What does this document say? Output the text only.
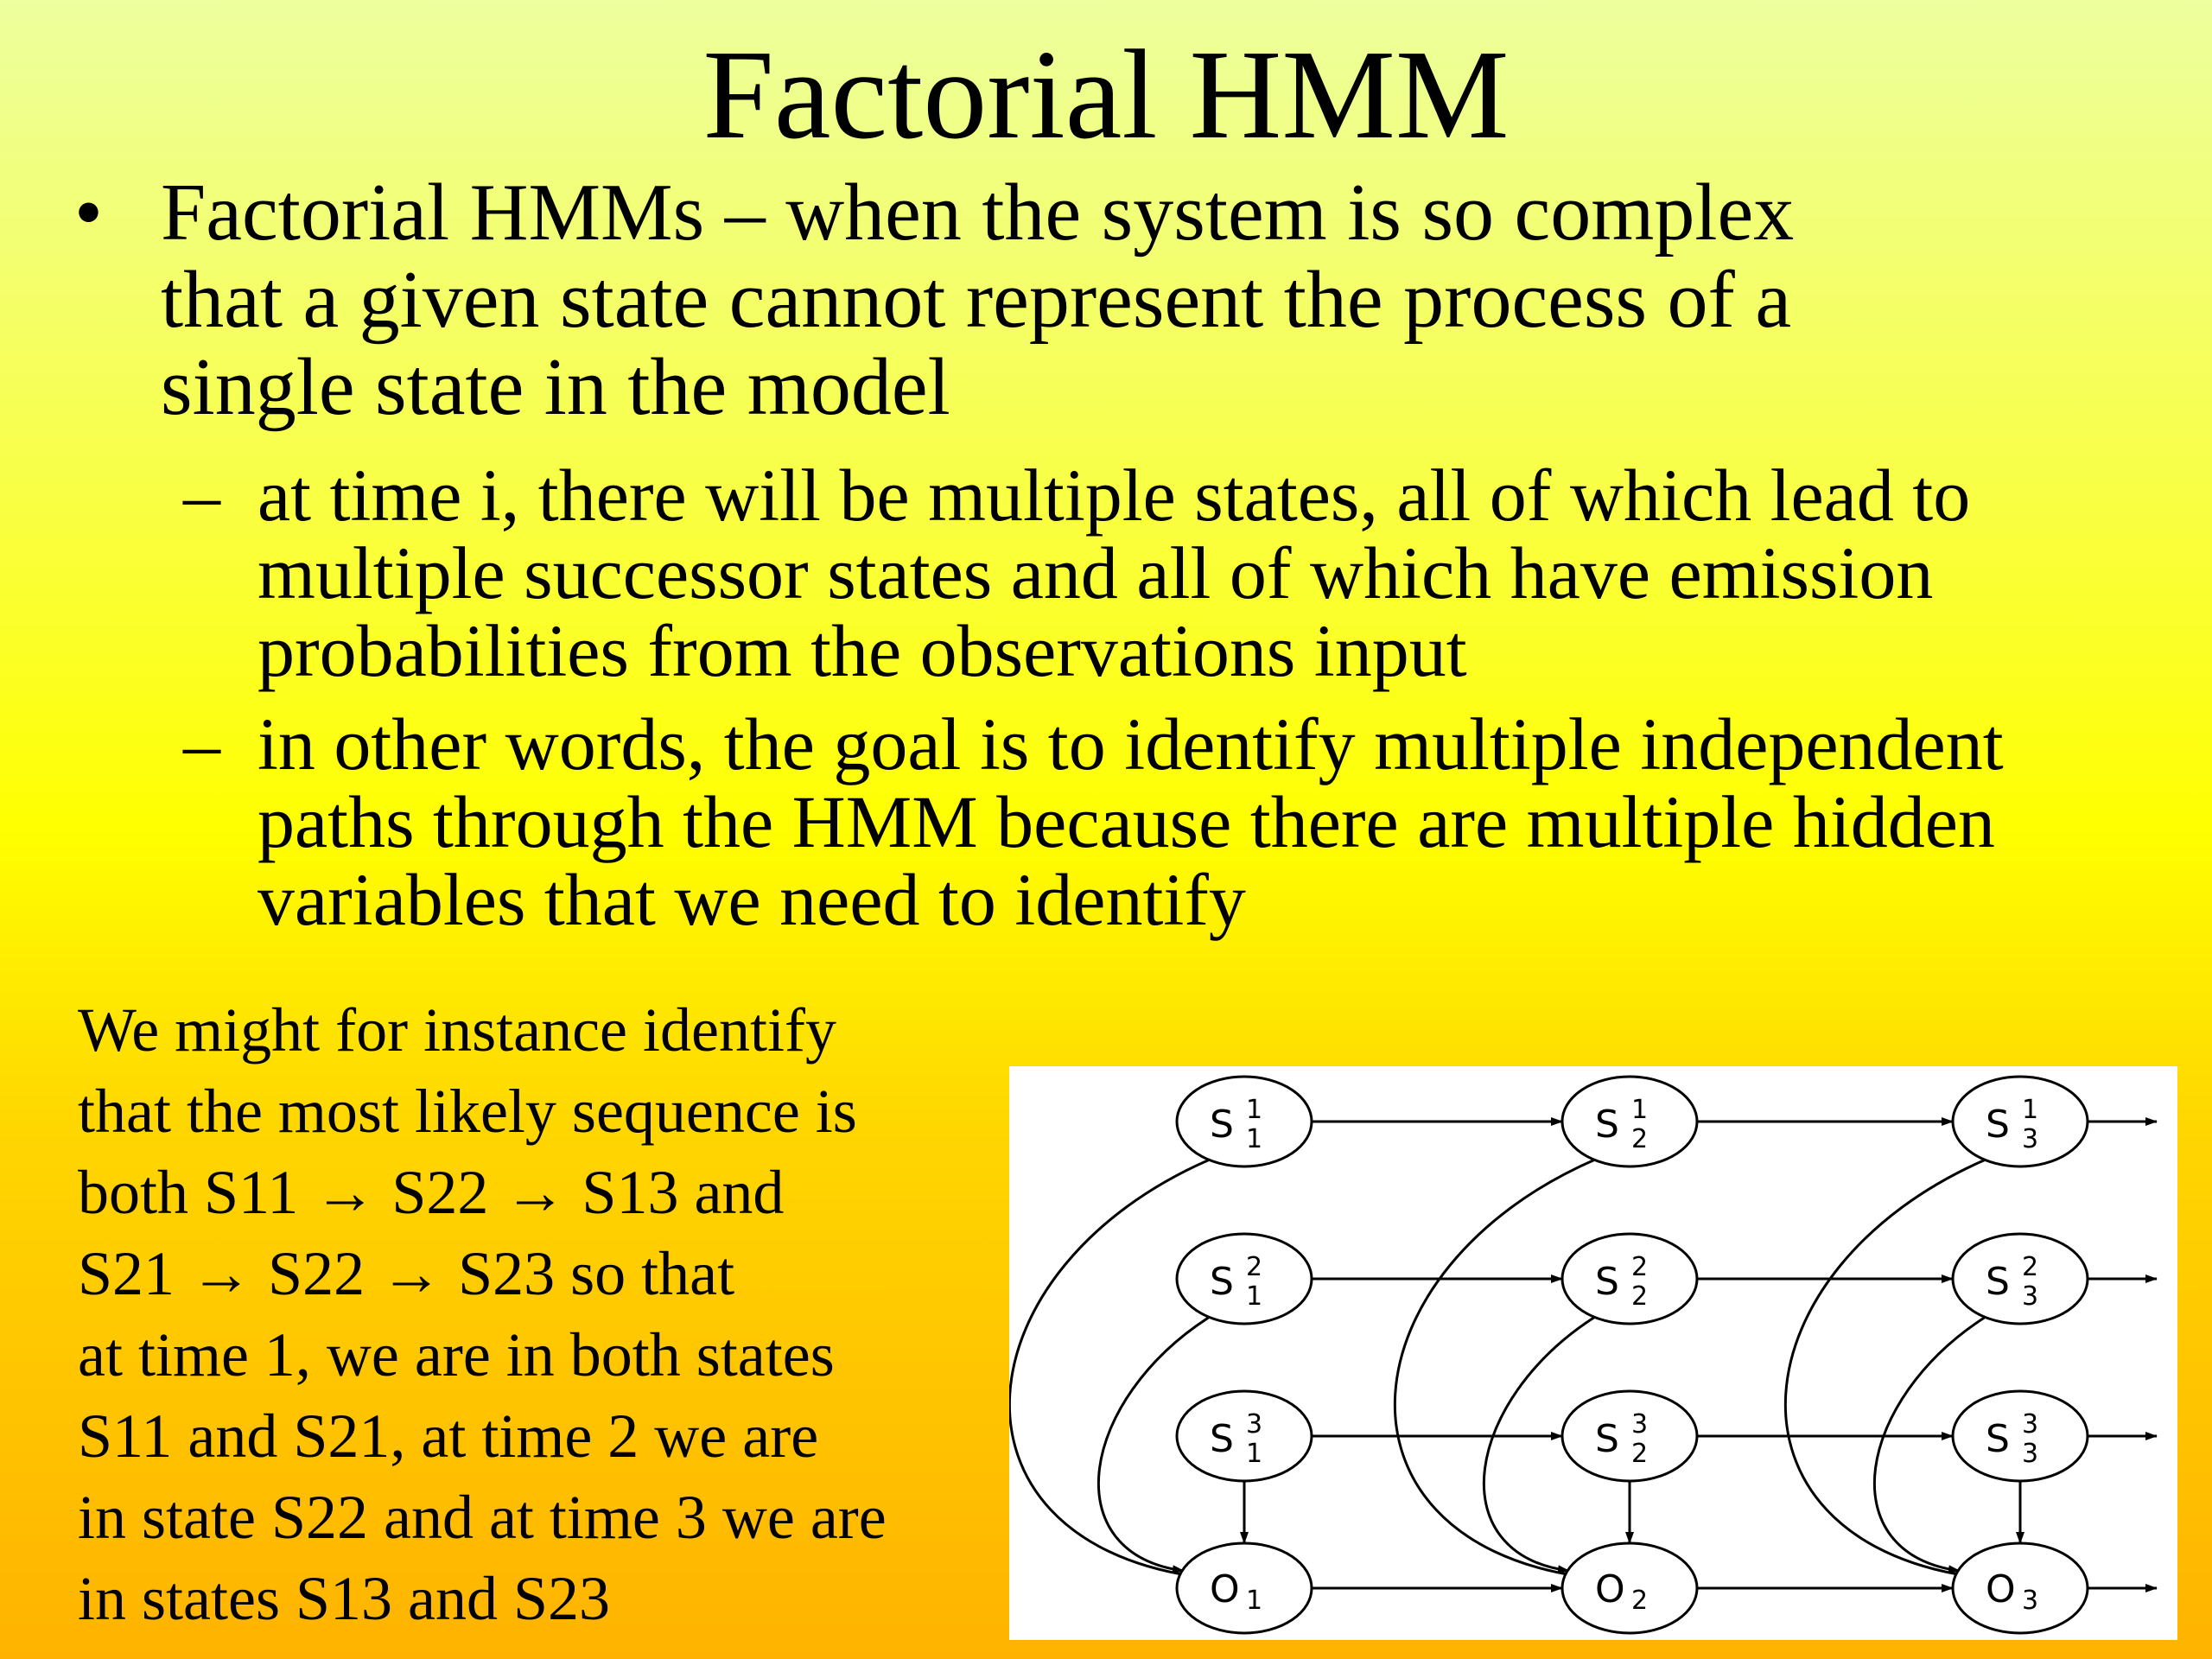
Factorial HMM
• Factorial HMMs – when the system is so complex
that a given state cannot represent the process of a
single state in the model
– at time i, there will be multiple states, all of which lead to
multiple successor states and all of which have emission
probabilities from the observations input
– in other words, the goal is to identify multiple independent
paths through the HMM because there are multiple hidden
variables that we need to identify
We might for instance identify
that the most likely sequence is
both S11 → S22 → S13 and
S21 → S22 → S23 so that
at time 1, we are in both states
S11 and S21, at time 2 we are
in state S22 and at time 3 we are
in states S13 and S23
S 1
1	S 1
2	S 1
3
S 2
1	S 2
2	S 2
3
S 3
1	S 3
2	S 3
3
O 1	O 2	O 3
